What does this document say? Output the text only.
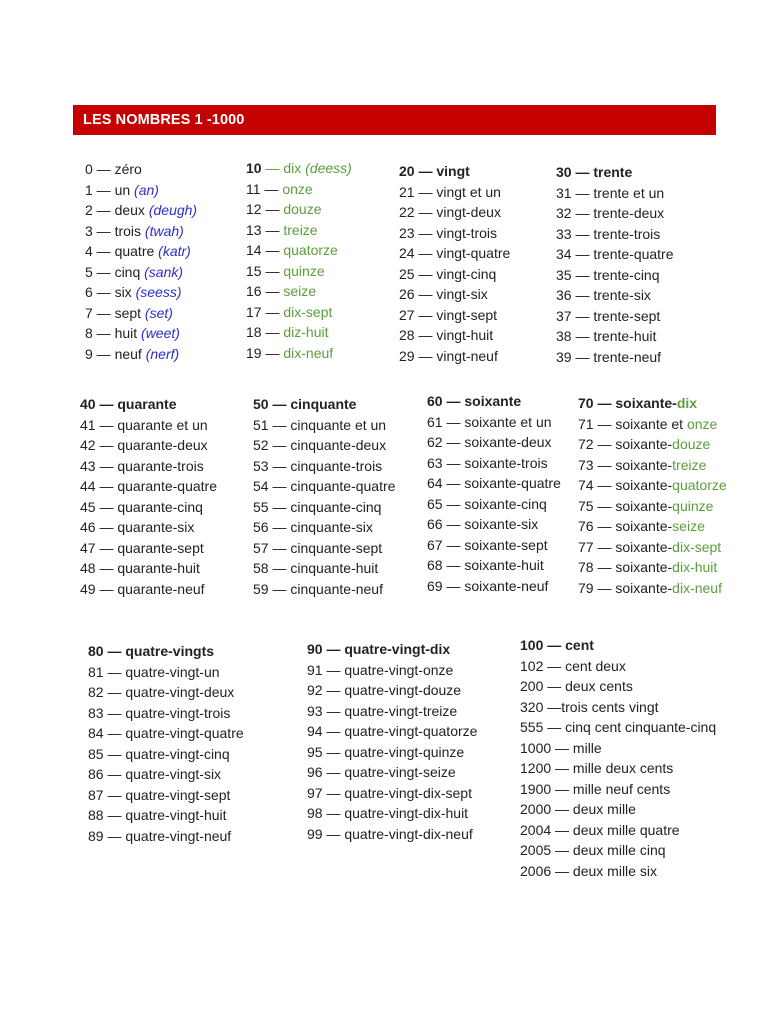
LES NOMBRES 1 -1000
0 — zéro
1 — un (an)
2 — deux (deugh)
3 — trois (twah)
4 — quatre (katr)
5 — cinq (sank)
6 — six (seess)
7 — sept (set)
8 — huit (weet)
9 — neuf (nerf)
10 — dix (deess)
11 — onze
12 — douze
13 — treize
14 — quatorze
15 — quinze
16 — seize
17 — dix-sept
18 — diz-huit
19 — dix-neuf
20 — vingt
21 — vingt et un
22 — vingt-deux
23 — vingt-trois
24 — vingt-quatre
25 — vingt-cinq
26 — vingt-six
27 — vingt-sept
28 — vingt-huit
29 — vingt-neuf
30 — trente
31 — trente et un
32 — trente-deux
33 — trente-trois
34 — trente-quatre
35 — trente-cinq
36 — trente-six
37 — trente-sept
38 — trente-huit
39 — trente-neuf
40 — quarante
41 — quarante et un
42 — quarante-deux
43 — quarante-trois
44 — quarante-quatre
45 — quarante-cinq
46 — quarante-six
47 — quarante-sept
48 — quarante-huit
49 — quarante-neuf
50 — cinquante
51 — cinquante et un
52 — cinquante-deux
53 — cinquante-trois
54 — cinquante-quatre
55 — cinquante-cinq
56 — cinquante-six
57 — cinquante-sept
58 — cinquante-huit
59 — cinquante-neuf
60 — soixante
61 — soixante et un
62 — soixante-deux
63 — soixante-trois
64 — soixante-quatre
65 — soixante-cinq
66 — soixante-six
67 — soixante-sept
68 — soixante-huit
69 — soixante-neuf
70 — soixante-dix
71 — soixante et onze
72 — soixante-douze
73 — soixante-treize
74 — soixante-quatorze
75 — soixante-quinze
76 — soixante-seize
77 — soixante-dix-sept
78 — soixante-dix-huit
79 — soixante-dix-neuf
80 — quatre-vingts
81 — quatre-vingt-un
82 — quatre-vingt-deux
83 — quatre-vingt-trois
84 — quatre-vingt-quatre
85 — quatre-vingt-cinq
86 — quatre-vingt-six
87 — quatre-vingt-sept
88 — quatre-vingt-huit
89 — quatre-vingt-neuf
90 — quatre-vingt-dix
91 — quatre-vingt-onze
92 — quatre-vingt-douze
93 — quatre-vingt-treize
94 — quatre-vingt-quatorze
95 — quatre-vingt-quinze
96 — quatre-vingt-seize
97 — quatre-vingt-dix-sept
98 — quatre-vingt-dix-huit
99 — quatre-vingt-dix-neuf
100 — cent
102 — cent deux
200 — deux cents
320 —trois cents vingt
555 — cinq cent cinquante-cinq
1000 — mille
1200 — mille deux cents
1900 — mille neuf cents
2000 — deux mille
2004 — deux mille quatre
2005 — deux mille cinq
2006 — deux mille six
